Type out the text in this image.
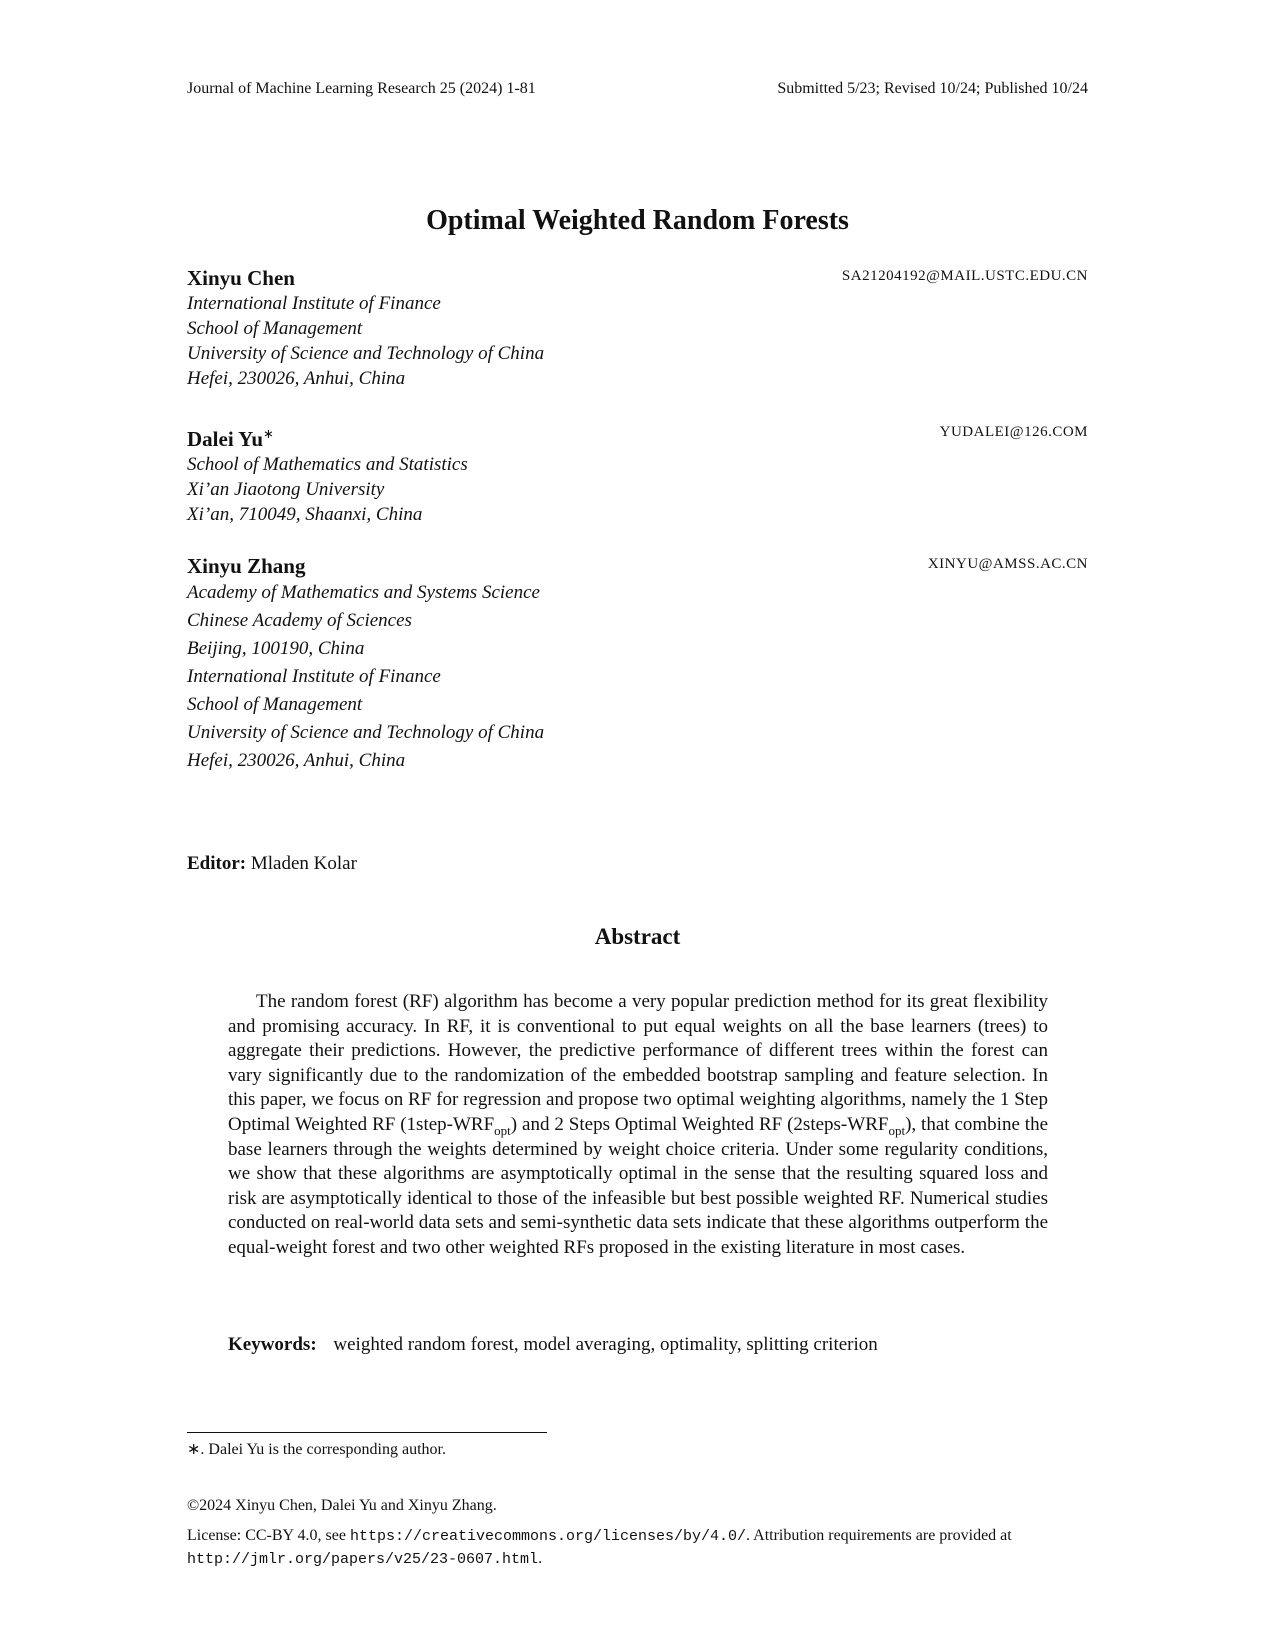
Journal of Machine Learning Research 25 (2024) 1-81	Submitted 5/23; Revised 10/24; Published 10/24
Optimal Weighted Random Forests
Xinyu Chen	SA21204192@MAIL.USTC.EDU.CN
International Institute of Finance
School of Management
University of Science and Technology of China
Hefei, 230026, Anhui, China
Dalei Yu∗	YUDALEI@126.COM
School of Mathematics and Statistics
Xi’an Jiaotong University
Xi’an, 710049, Shaanxi, China
Xinyu Zhang	XINYU@AMSS.AC.CN
Academy of Mathematics and Systems Science
Chinese Academy of Sciences
Beijing, 100190, China
International Institute of Finance
School of Management
University of Science and Technology of China
Hefei, 230026, Anhui, China
Editor: Mladen Kolar
Abstract
The random forest (RF) algorithm has become a very popular prediction method for its great flexibility and promising accuracy. In RF, it is conventional to put equal weights on all the base learners (trees) to aggregate their predictions. However, the predictive performance of different trees within the forest can vary significantly due to the randomization of the embedded bootstrap sampling and feature selection. In this paper, we focus on RF for regression and propose two optimal weighting algorithms, namely the 1 Step Optimal Weighted RF $(1step-WRF_{opt})$ and 2 Steps Optimal Weighted RF $(2steps-WRF_{opt})$, that combine the base learners through the weights determined by weight choice criteria. Under some regularity conditions, we show that these algorithms are asymptotically optimal in the sense that the resulting squared loss and risk are asymptotically identical to those of the infeasible but best possible weighted RF. Numerical studies conducted on real-world data sets and semi-synthetic data sets indicate that these algorithms outperform the equal-weight forest and two other weighted RFs proposed in the existing literature in most cases.
Keywords: weighted random forest, model averaging, optimality, splitting criterion
∗. Dalei Yu is the corresponding author.
©2024 Xinyu Chen, Dalei Yu and Xinyu Zhang.
License: CC-BY 4.0, see https://creativecommons.org/licenses/by/4.0/. Attribution requirements are provided at http://jmlr.org/papers/v25/23-0607.html.
